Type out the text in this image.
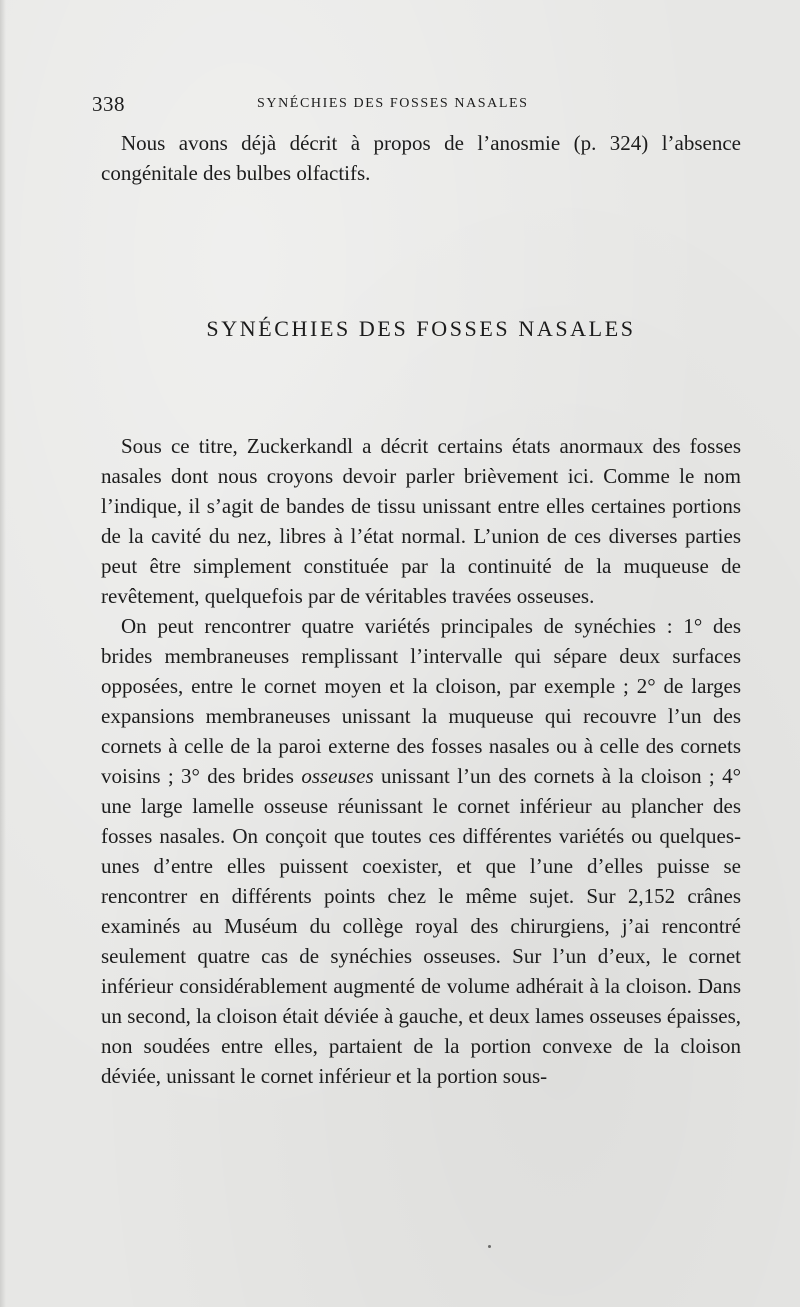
338	SYNÉCHIES DES FOSSES NASALES

Nous avons déjà décrit à propos de l’anosmie (p. 324) l’absence congénitale des bulbes olfactifs.

SYNÉCHIES DES FOSSES NASALES

Sous ce titre, Zuckerkandl a décrit certains états anormaux des fosses nasales dont nous croyons devoir parler brièvement ici. Comme le nom l’indique, il s’agit de bandes de tissu unissant entre elles certaines portions de la cavité du nez, libres à l’état normal. L’union de ces diverses parties peut être simplement constituée par la continuité de la muqueuse de revêtement, quelquefois par de véritables travées osseuses.

On peut rencontrer quatre variétés principales de synéchies : 1° des brides membraneuses remplissant l’intervalle qui sépare deux surfaces opposées, entre le cornet moyen et la cloison, par exemple ; 2° de larges expansions membraneuses unissant la muqueuse qui recouvre l’un des cornets à celle de la paroi externe des fosses nasales ou à celle des cornets voisins ; 3° des brides osseuses unissant l’un des cornets à la cloison ; 4° une large lamelle osseuse réunissant le cornet inférieur au plancher des fosses nasales. On conçoit que toutes ces différentes variétés ou quelques-unes d’entre elles puissent coexister, et que l’une d’elles puisse se rencontrer en différents points chez le même sujet. Sur 2,152 crânes examinés au Muséum du collège royal des chirurgiens, j’ai rencontré seulement quatre cas de synéchies osseuses. Sur l’un d’eux, le cornet inférieur considérablement augmenté de volume adhérait à la cloison. Dans un second, la cloison était déviée à gauche, et deux lames osseuses épaisses, non soudées entre elles, partaient de la portion convexe de la cloison déviée, unissant le cornet inférieur et la portion sous-
